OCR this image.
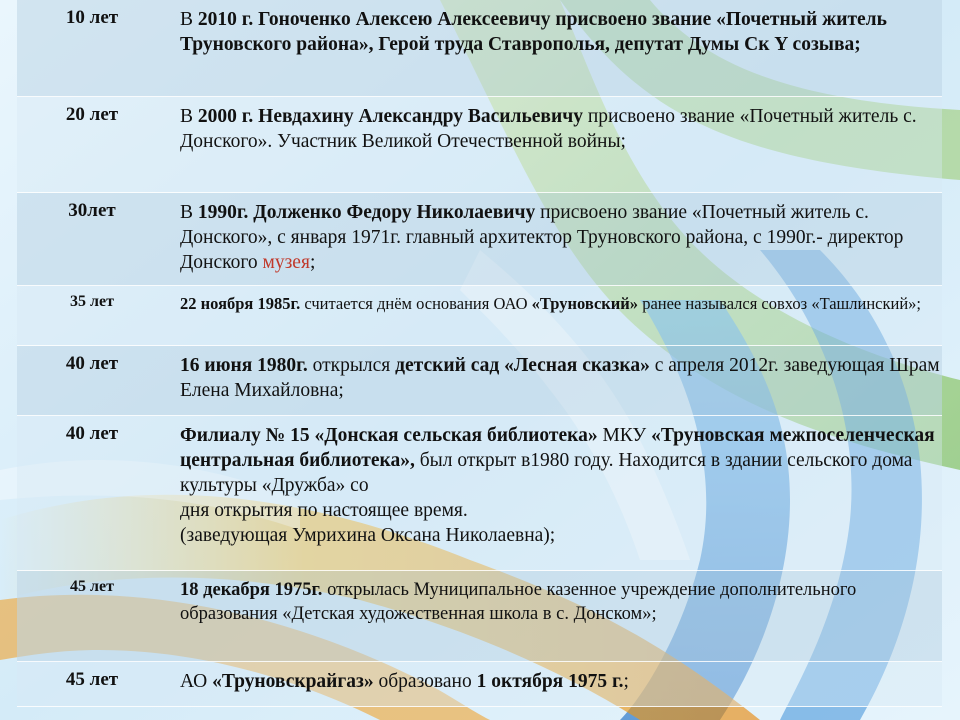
10 лет	В 2010 г. Гоноченко Алексею Алексеевичу присвоено звание «Почетный житель Труновского района», Герой труда Ставрополья, депутат Думы Ск Y созыва;
20 лет	В 2000 г. Невдахину Александру Васильевичу присвоено звание «Почетный житель с. Донского». Участник Великой Отечественной войны;
30лет	В 1990г. Долженко Федору Николаевичу присвоено звание «Почетный житель с. Донского», с января 1971г. главный архитектор Труновского района, с 1990г.- директор Донского музея;
35 лет	22 ноября 1985г. считается днём основания ОАО «Труновский» ранее назывался совхоз «Ташлинский»;
40 лет	16 июня 1980г. открылся детский сад «Лесная сказка» с апреля 2012г. заведующая Шрам Елена Михайловна;
40 лет	Филиалу № 15 «Донская сельская библиотека» МКУ «Труновская межпоселенческая центральная библиотека», был открыт в1980 году. Находится в здании сельского дома культуры «Дружба» со
дня открытия по настоящее время.
(заведующая Умрихина Оксана Николаевна);
45 лет	18 декабря 1975г. открылась Муниципальное казенное учреждение дополнительного образования «Детская художественная школа в с. Донском»;
45 лет	АО «Труновскрайгаз» образовано 1 октября 1975 г.;
